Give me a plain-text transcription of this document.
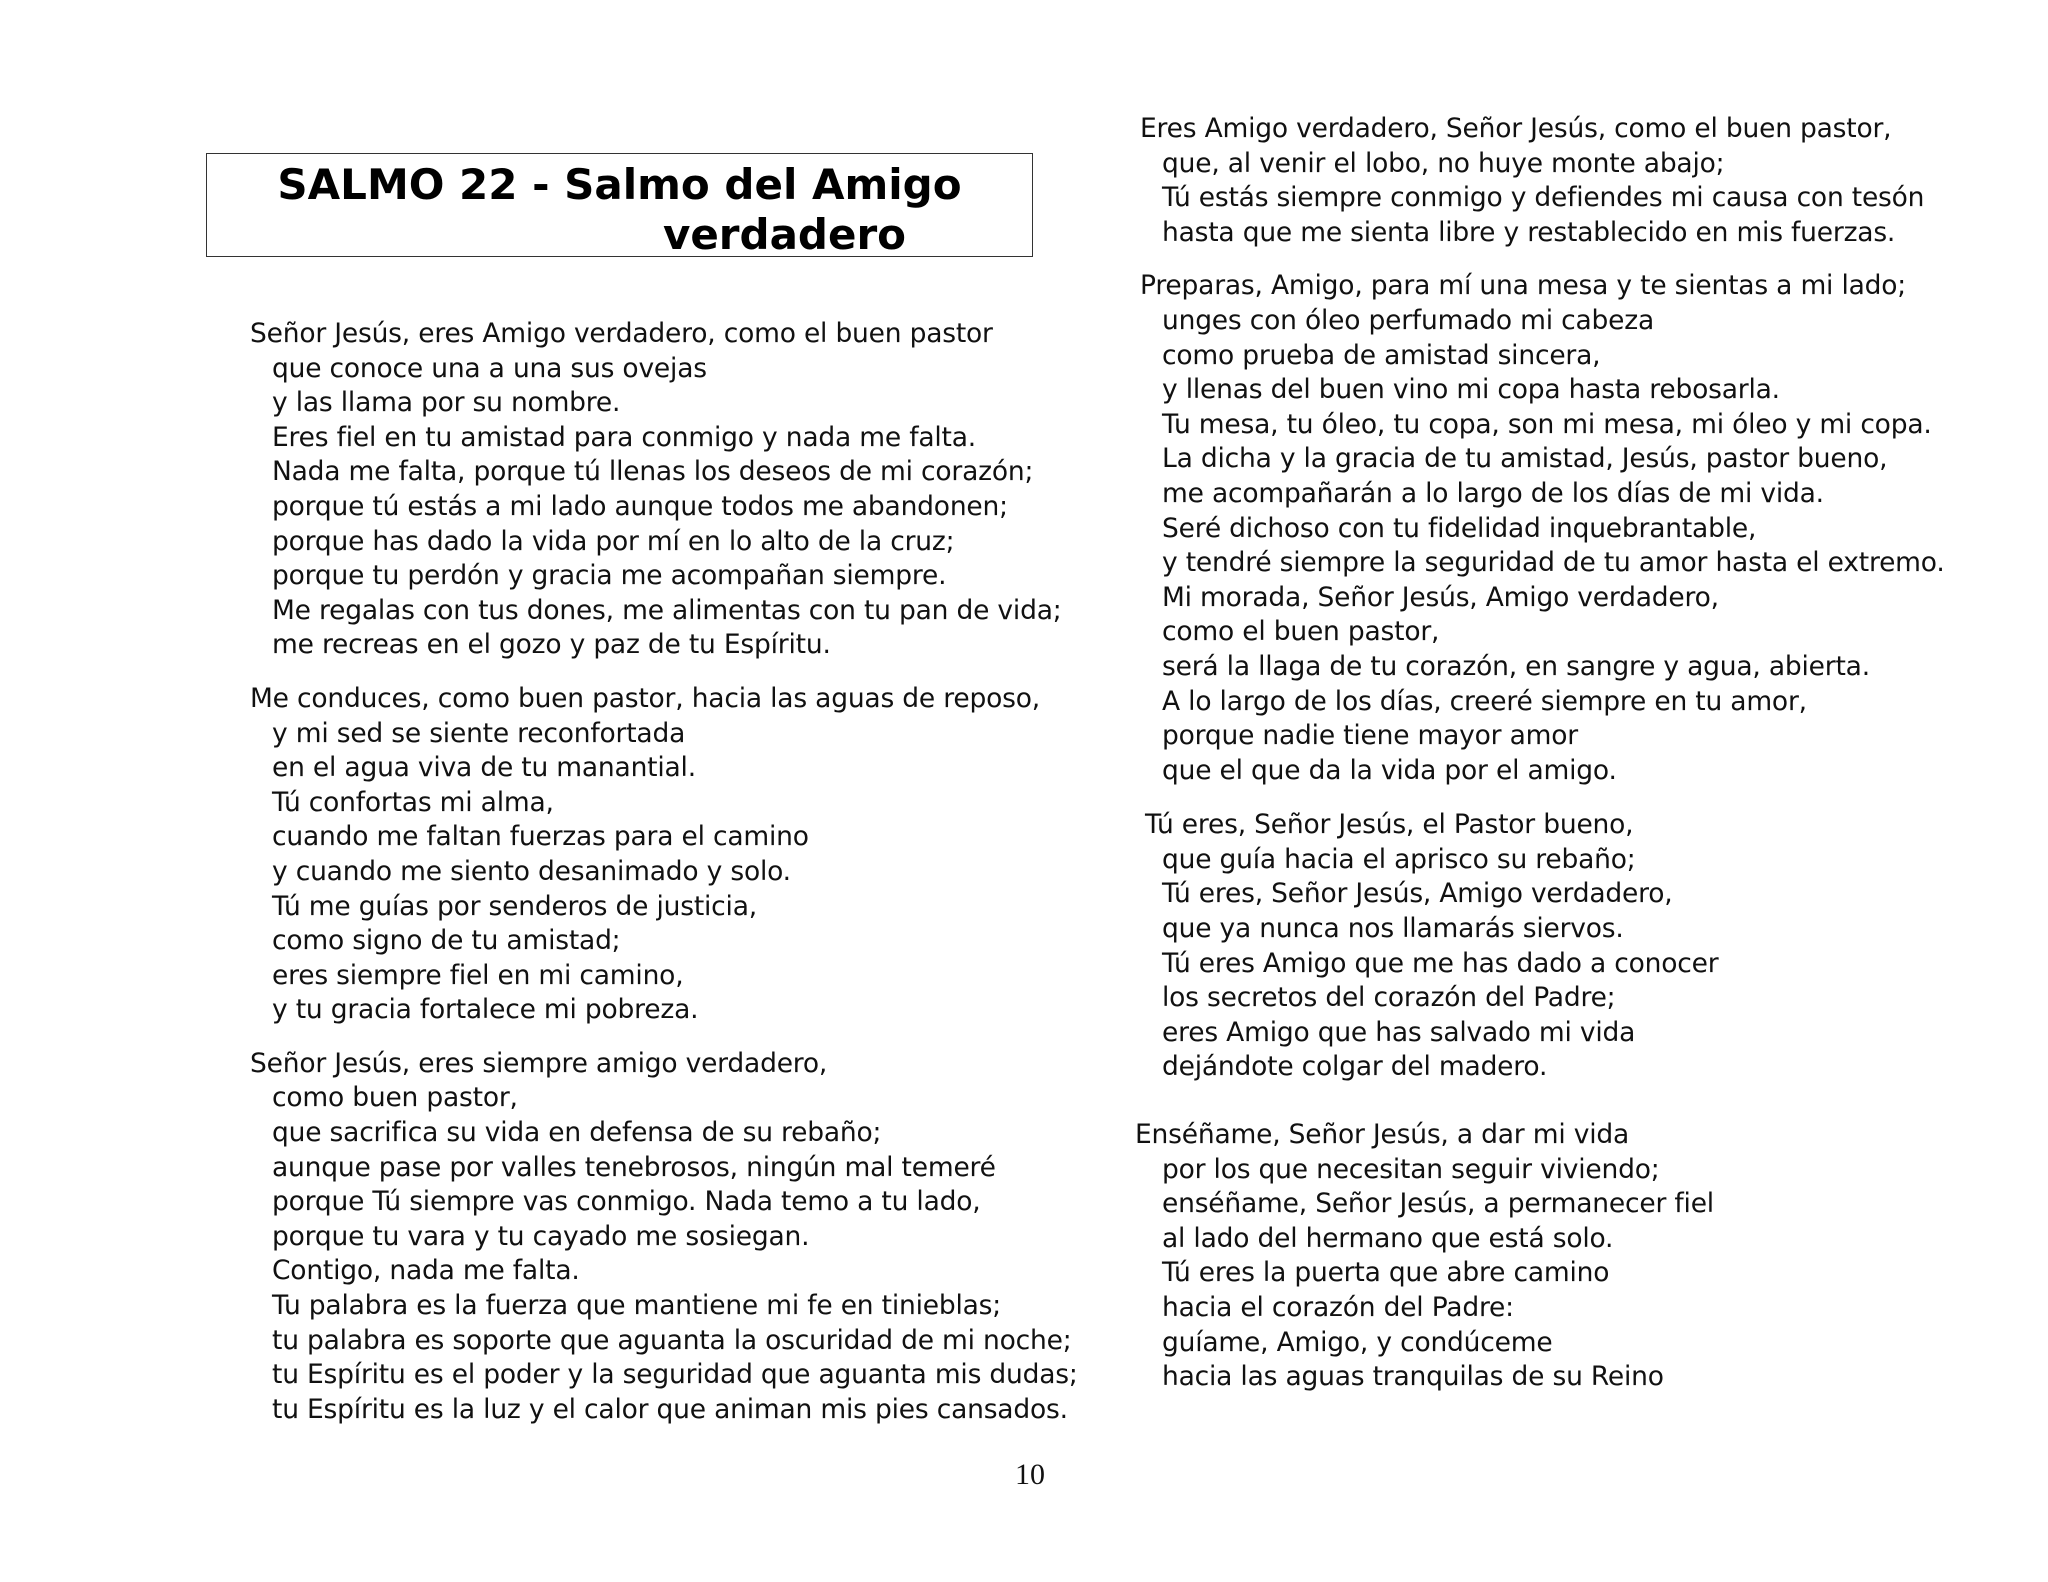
SALMO 22 - Salmo del Amigo
verdadero
Señor Jesús, eres Amigo verdadero, como el buen pastor
que conoce una a una sus ovejas
y las llama por su nombre.
Eres fiel en tu amistad para conmigo y nada me falta.
Nada me falta, porque tú llenas los deseos de mi corazón;
porque tú estás a mi lado aunque todos me abandonen;
porque has dado la vida por mí en lo alto de la cruz;
porque tu perdón y gracia me acompañan siempre.
Me regalas con tus dones, me alimentas con tu pan de vida;
me recreas en el gozo y paz de tu Espíritu.
Me conduces, como buen pastor, hacia las aguas de reposo,
y mi sed se siente reconfortada
en el agua viva de tu manantial.
Tú confortas mi alma,
cuando me faltan fuerzas para el camino
y cuando me siento desanimado y solo.
Tú me guías por senderos de justicia,
como signo de tu amistad;
eres siempre fiel en mi camino,
y tu gracia fortalece mi pobreza.
Señor Jesús, eres siempre amigo verdadero,
como buen pastor,
que sacrifica su vida en defensa de su rebaño;
aunque pase por valles tenebrosos, ningún mal temeré
porque Tú siempre vas conmigo. Nada temo a tu lado,
porque tu vara y tu cayado me sosiegan.
Contigo, nada me falta.
Tu palabra es la fuerza que mantiene mi fe en tinieblas;
tu palabra es soporte que aguanta la oscuridad de mi noche;
tu Espíritu es el poder y la seguridad que aguanta mis dudas;
tu Espíritu es la luz y el calor que animan mis pies cansados.
Eres Amigo verdadero, Señor Jesús, como el buen pastor,
que, al venir el lobo, no huye monte abajo;
Tú estás siempre conmigo y defiendes mi causa con tesón
hasta que me sienta libre y restablecido en mis fuerzas.
Preparas, Amigo, para mí una mesa y te sientas a mi lado;
unges con óleo perfumado mi cabeza
como prueba de amistad sincera,
y llenas del buen vino mi copa hasta rebosarla.
Tu mesa, tu óleo, tu copa, son mi mesa, mi óleo y mi copa.
La dicha y la gracia de tu amistad, Jesús, pastor bueno,
me acompañarán a lo largo de los días de mi vida.
Seré dichoso con tu fidelidad inquebrantable,
y tendré siempre la seguridad de tu amor hasta el extremo.
Mi morada, Señor Jesús, Amigo verdadero,
como el buen pastor,
será la llaga de tu corazón, en sangre y agua, abierta.
A lo largo de los días, creeré siempre en tu amor,
porque nadie tiene mayor amor
que el que da la vida por el amigo.
Tú eres, Señor Jesús, el Pastor bueno,
que guía hacia el aprisco su rebaño;
Tú eres, Señor Jesús, Amigo verdadero,
que ya nunca nos llamarás siervos.
Tú eres Amigo que me has dado a conocer
los secretos del corazón del Padre;
eres Amigo que has salvado mi vida
dejándote colgar del madero.
Enséñame, Señor Jesús, a dar mi vida
por los que necesitan seguir viviendo;
enséñame, Señor Jesús, a permanecer fiel
al lado del hermano que está solo.
Tú eres la puerta que abre camino
hacia el corazón del Padre:
guíame, Amigo, y condúceme
hacia las aguas tranquilas de su Reino
10
